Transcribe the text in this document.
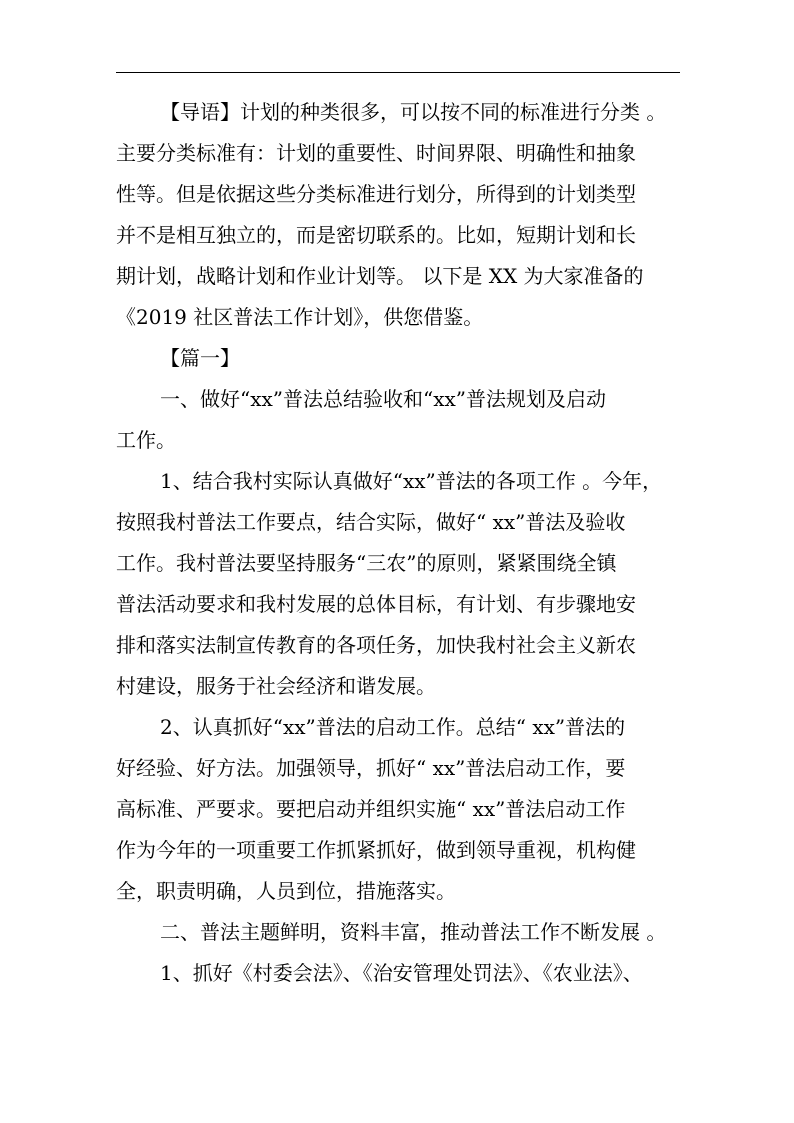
【导语】计划的种类很多，可以按不同的标准进行分类 。
主要分类标准有：计划的重要性、时间界限、明确性和抽象
性等。但是依据这些分类标准进行划分，所得到的计划类型
并不是相互独立的，而是密切联系的。比如，短期计划和长
期计划，战略计划和作业计划等。 以下是 XX 为大家准备的
《2019 社区普法工作计划》，供您借鉴。
【篇一】
一、做好“xx”普法总结验收和“xx”普法规划及启动
工作。
1、结合我村实际认真做好“xx”普法的各项工作 。今年，
按照我村普法工作要点，结合实际，做好“ xx”普法及验收
工作。我村普法要坚持服务“三农”的原则，紧紧围绕全镇
普法活动要求和我村发展的总体目标，有计划、有步骤地安
排和落实法制宣传教育的各项任务，加快我村社会主义新农
村建设，服务于社会经济和谐发展。
2、认真抓好“xx”普法的启动工作。总结“ xx”普法的
好经验、好方法。加强领导，抓好“ xx”普法启动工作，要
高标准、严要求。要把启动并组织实施“ xx”普法启动工作
作为今年的一项重要工作抓紧抓好，做到领导重视，机构健
全，职责明确，人员到位，措施落实。
二、普法主题鲜明，资料丰富，推动普法工作不断发展 。
1、抓好《村委会法》、《治安管理处罚法》、《农业法》、
